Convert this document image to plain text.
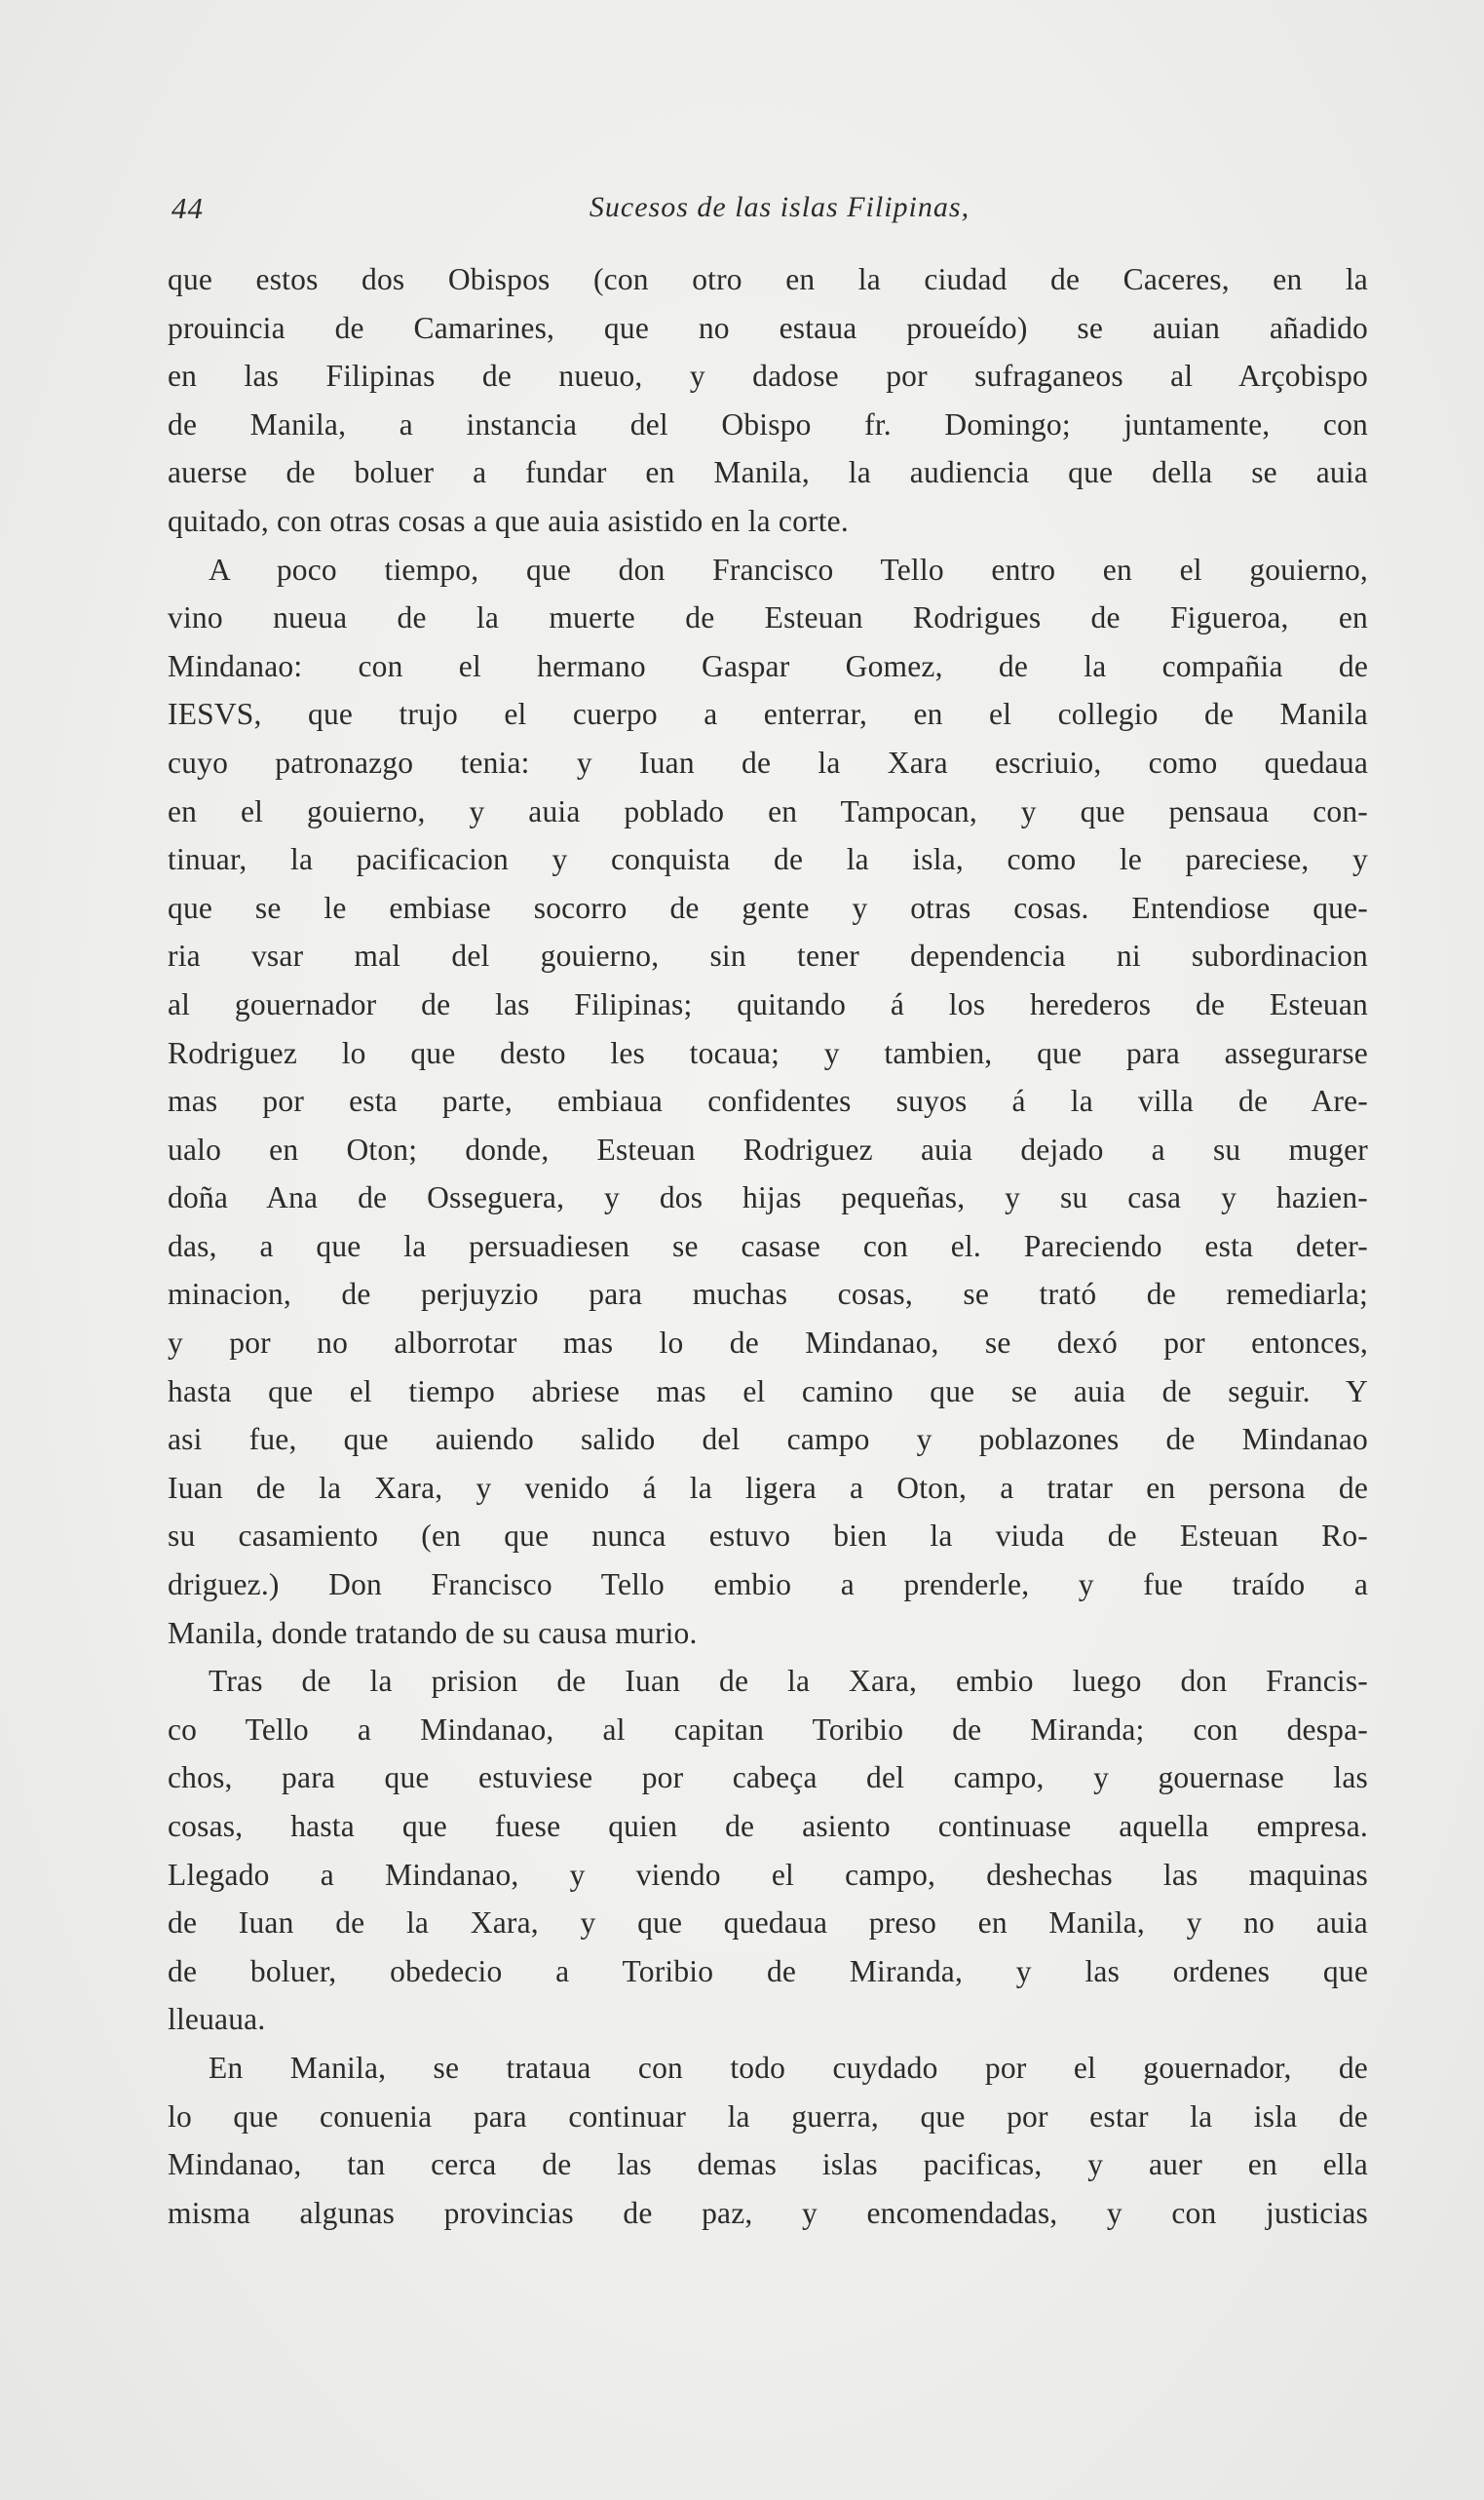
44	Sucesos de las islas Filipinas,
que estos dos Obispos (con otro en la ciudad de Caceres, en la
prouincia de Camarines, que no estaua proueído) se auian añadido
en las Filipinas de nueuo, y dadose por sufraganeos al Arçobispo
de Manila, a instancia del Obispo fr. Domingo; juntamente, con
auerse de boluer a fundar en Manila, la audiencia que della se auia
quitado, con otras cosas a que auia asistido en la corte.
A poco tiempo, que don Francisco Tello entro en el gouierno,
vino nueua de la muerte de Esteuan Rodrigues de Figueroa, en
Mindanao: con el hermano Gaspar Gomez, de la compañia de
IESVS, que trujo el cuerpo a enterrar, en el collegio de Manila
cuyo patronazgo tenia: y Iuan de la Xara escriuio, como quedaua
en el gouierno, y auia poblado en Tampocan, y que pensaua con-
tinuar, la pacificacion y conquista de la isla, como le pareciese, y
que se le embiase socorro de gente y otras cosas. Entendiose que-
ria vsar mal del gouierno, sin tener dependencia ni subordinacion
al gouernador de las Filipinas; quitando á los herederos de Esteuan
Rodriguez lo que desto les tocaua; y tambien, que para assegurarse
mas por esta parte, embiaua confidentes suyos á la villa de Are-
ualo en Oton; donde, Esteuan Rodriguez auia dejado a su muger
doña Ana de Osseguera, y dos hijas pequeñas, y su casa y hazien-
das, a que la persuadiesen se casase con el. Pareciendo esta deter-
minacion, de perjuyzio para muchas cosas, se trató de remediarla;
y por no alborrotar mas lo de Mindanao, se dexó por entonces,
hasta que el tiempo abriese mas el camino que se auia de seguir. Y
asi fue, que auiendo salido del campo y poblazones de Mindanao
Iuan de la Xara, y venido á la ligera a Oton, a tratar en persona de
su casamiento (en que nunca estuvo bien la viuda de Esteuan Ro-
driguez.) Don Francisco Tello embio a prenderle, y fue traído a
Manila, donde tratando de su causa murio.
Tras de la prision de Iuan de la Xara, embio luego don Francis-
co Tello a Mindanao, al capitan Toribio de Miranda; con despa-
chos, para que estuviese por cabeça del campo, y gouernase las
cosas, hasta que fuese quien de asiento continuase aquella empresa.
Llegado a Mindanao, y viendo el campo, deshechas las maquinas
de Iuan de la Xara, y que quedaua preso en Manila, y no auia
de boluer, obedecio a Toribio de Miranda, y las ordenes que
lleuaua.
En Manila, se trataua con todo cuydado por el gouernador, de
lo que conuenia para continuar la guerra, que por estar la isla de
Mindanao, tan cerca de las demas islas pacificas, y auer en ella
misma algunas provincias de paz, y encomendadas, y con justicias
